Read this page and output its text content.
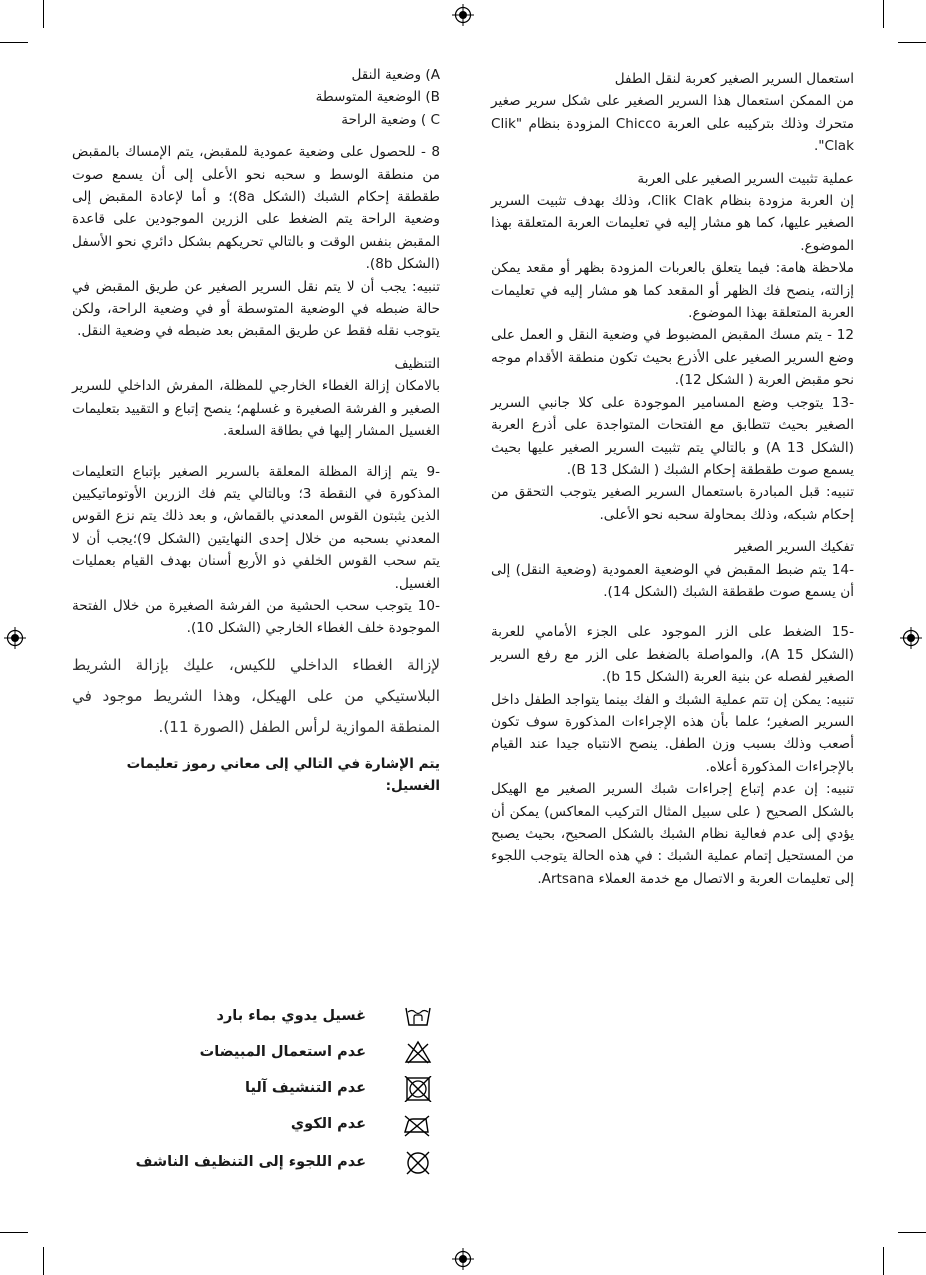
استعمال السرير الصغير كعربة لنقل الطفل

من الممكن استعمال هذا السرير الصغير على شكل سرير صغير متحرك وذلك بتركيبه على العربة Chicco المزودة بنظام "Clik Clak".

عملية تثبيت السرير الصغير على العربة

إن العربة مزودة بنظام Clik Clak، وذلك بهدف تثبيت السرير الصغير عليها، كما هو مشار إليه في تعليمات العربة المتعلقة بهذا الموضوع.

ملاحظة هامة: فيما يتعلق بالعربات المزودة بظهر أو مقعد يمكن إزالته، ينصح فك الظهر أو المقعد كما هو مشار إليه في تعليمات العربة المتعلقة بهذا الموضوع.

12 - يتم مسك المقبض المضبوط في وضعية النقل و العمل على وضع السرير الصغير على الأذرع بحيث تكون منطقة الأقدام موجه نحو مقبض العربة ( الشكل 12).

-13 يتوجب وضع المسامير الموجودة على كلا جانبي السرير الصغير بحيث تتطابق مع الفتحات المتواجدة على أذرع العربة (الشكل 13 A) و بالتالي يتم تثبيت السرير الصغير عليها بحيث يسمع صوت طقطقة إحكام الشبك ( الشكل 13 B).

تنبيه: قبل المبادرة باستعمال السرير الصغير يتوجب التحقق من إحكام شبكه، وذلك بمحاولة سحبه نحو الأعلى.

تفكيك السرير الصغير

-14 يتم ضبط المقبض في الوضعية العمودية (وضعية النقل) إلى أن يسمع صوت طقطقة الشبك (الشكل 14).

-15 الضغط على الزر الموجود على الجزء الأمامي للعربة (الشكل 15 A)، والمواصلة بالضغط على الزر مع رفع السرير الصغير لفصله عن بنية العربة (الشكل 15 b).

تنبيه: يمكن إن تتم عملية الشبك و الفك بينما يتواجد الطفل داخل السرير الصغير؛ علما بأن هذه الإجراءات المذكورة سوف تكون أصعب وذلك بسبب وزن الطفل. ينصح الانتباه جيدا عند القيام بالإجراءات المذكورة أعلاه.

تنبيه: إن عدم إتباع إجراءات شبك السرير الصغير مع الهيكل بالشكل الصحيح ( على سبيل المثال التركيب المعاكس) يمكن أن يؤدي إلى عدم فعالية نظام الشبك بالشكل الصحيح، بحيث يصبح من المستحيل إتمام عملية الشبك : في هذه الحالة يتوجب اللجوء إلى تعليمات العربة و الاتصال مع خدمة العملاء Artsana.

A) وضعية النقل

B) الوضعية المتوسطة

C ) وضعية الراحة

8 - للحصول على وضعية عمودية للمقبض، يتم الإمساك بالمقبض من منطقة الوسط و سحبه نحو الأعلى إلى أن يسمع صوت طقطقة إحكام الشبك (الشكل 8a)؛ و أما لإعادة المقبض إلى وضعية الراحة يتم الضغط على الزرين الموجودين على قاعدة المقبض بنفس الوقت و بالتالي تحريكهم بشكل دائري نحو الأسفل (الشكل 8b).

تنبيه: يجب أن لا يتم نقل السرير الصغير عن طريق المقبض في حالة ضبطه في الوضعية المتوسطة أو في وضعية الراحة، ولكن يتوجب نقله فقط عن طريق المقبض بعد ضبطه في وضعية النقل.

التنظيف

بالامكان إزالة الغطاء الخارجي للمظلة، المفرش الداخلي للسرير الصغير و الفرشة الصغيرة و غسلهم؛ ينصح إتباع و التقييد بتعليمات الغسيل المشار إليها في بطاقة السلعة.

-9 يتم إزالة المظلة المعلقة بالسرير الصغير بإتباع التعليمات المذكورة في النقطة 3؛ وبالتالي يتم فك الزرين الأوتوماتيكيين الذين يثبتون القوس المعدني بالقماش، و بعد ذلك يتم نزع القوس المعدني بسحبه من خلال إحدى النهايتين (الشكل 9)؛يجب أن لا يتم سحب القوس الخلفي ذو الأربع أسنان بهدف القيام بعمليات الغسيل.

-10 يتوجب سحب الحشية من الفرشة الصغيرة من خلال الفتحة الموجودة خلف الغطاء الخارجي (الشكل 10).

لإزالة الغطاء الداخلي للكيس، عليك بإزالة الشريط البلاستيكي من على الهيكل، وهذا الشريط موجود في المنطقة الموازية لرأس الطفل (الصورة 11).

يتم الإشارة في التالي إلى معاني رموز تعليمات الغسيل:

غسيل يدوي بماء بارد
عدم استعمال المبيضات
عدم التنشيف آليا
عدم الكوي
عدم اللجوء إلى التنظيف الناشف
